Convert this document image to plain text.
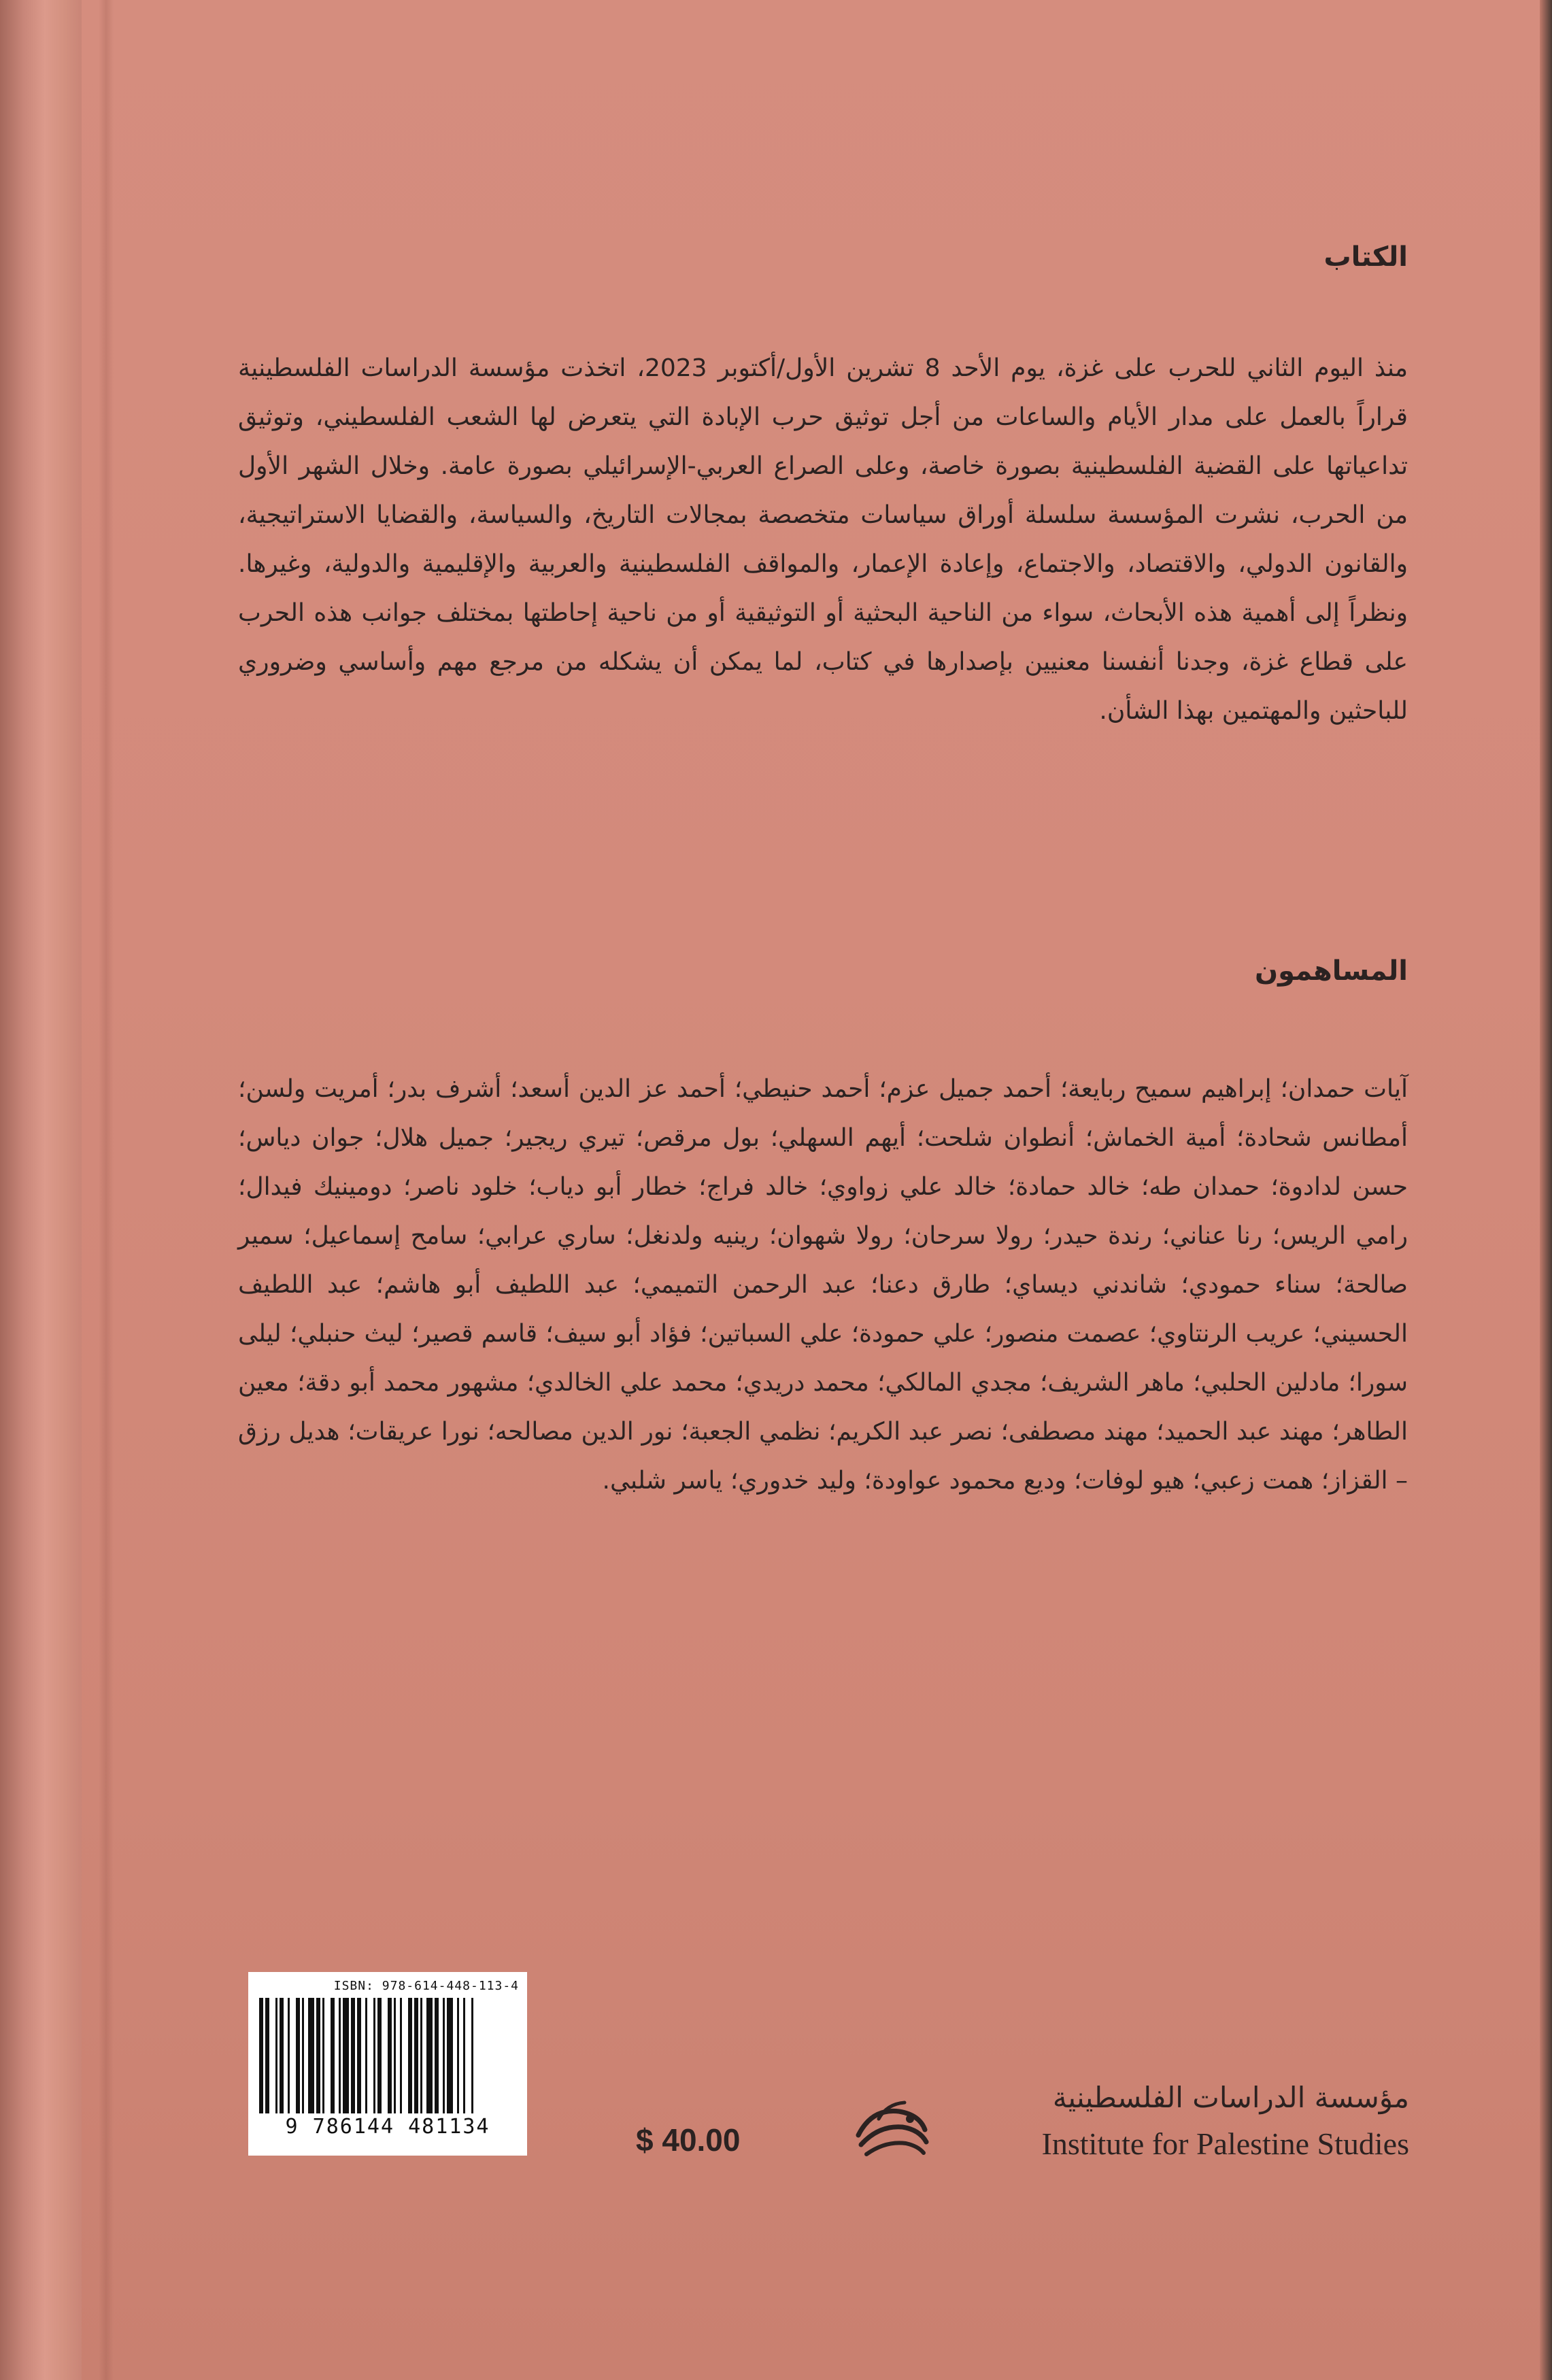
الكتاب

منذ اليوم الثاني للحرب على غزة، يوم الأحد 8 تشرين الأول/أكتوبر 2023، اتخذت مؤسسة الدراسات الفلسطينية قراراً بالعمل على مدار الأيام والساعات من أجل توثيق حرب الإبادة التي يتعرض لها الشعب الفلسطيني، وتوثيق تداعياتها على القضية الفلسطينية بصورة خاصة، وعلى الصراع العربي-الإسرائيلي بصورة عامة. وخلال الشهر الأول من الحرب، نشرت المؤسسة سلسلة أوراق سياسات متخصصة بمجالات التاريخ، والسياسة، والقضايا الاستراتيجية، والقانون الدولي، والاقتصاد، والاجتماع، وإعادة الإعمار، والمواقف الفلسطينية والعربية والإقليمية والدولية، وغيرها. ونظراً إلى أهمية هذه الأبحاث، سواء من الناحية البحثية أو التوثيقية أو من ناحية إحاطتها بمختلف جوانب هذه الحرب على قطاع غزة، وجدنا أنفسنا معنيين بإصدارها في كتاب، لما يمكن أن يشكله من مرجع مهم وأساسي وضروري للباحثين والمهتمين بهذا الشأن.

المساهمون

آيات حمدان؛ إبراهيم سميح ربايعة؛ أحمد جميل عزم؛ أحمد حنيطي؛ أحمد عز الدين أسعد؛ أشرف بدر؛ أمريت ولسن؛ أمطانس شحادة؛ أمية الخماش؛ أنطوان شلحت؛ أيهم السهلي؛ بول مرقص؛ تيري ريجير؛ جميل هلال؛ جوان دياس؛ حسن لدادوة؛ حمدان طه؛ خالد حمادة؛ خالد علي زواوي؛ خالد فراج؛ خطار أبو دياب؛ خلود ناصر؛ دومينيك فيدال؛ رامي الريس؛ رنا عناني؛ رندة حيدر؛ رولا سرحان؛ رولا شهوان؛ رينيه ولدنغل؛ ساري عرابي؛ سامح إسماعيل؛ سمير صالحة؛ سناء حمودي؛ شاندني ديساي؛ طارق دعنا؛ عبد الرحمن التميمي؛ عبد اللطيف أبو هاشم؛ عبد اللطيف الحسيني؛ عريب الرنتاوي؛ عصمت منصور؛ علي حمودة؛ علي السباتين؛ فؤاد أبو سيف؛ قاسم قصير؛ ليث حنبلي؛ ليلى سورا؛ مادلين الحلبي؛ ماهر الشريف؛ مجدي المالكي؛ محمد دريدي؛ محمد علي الخالدي؛ مشهور محمد أبو دقة؛ معين الطاهر؛ مهند عبد الحميد؛ مهند مصطفى؛ نصر عبد الكريم؛ نظمي الجعبة؛ نور الدين مصالحه؛ نورا عريقات؛ هديل رزق – القزاز؛ همت زعبي؛ هيو لوفات؛ وديع محمود عواودة؛ وليد خدوري؛ ياسر شلبي.

ISBN: 978-614-448-113-4
9 786144 481134	$ 40.00
مؤسسة الدراسات الفلسطينية
Institute for Palestine Studies
